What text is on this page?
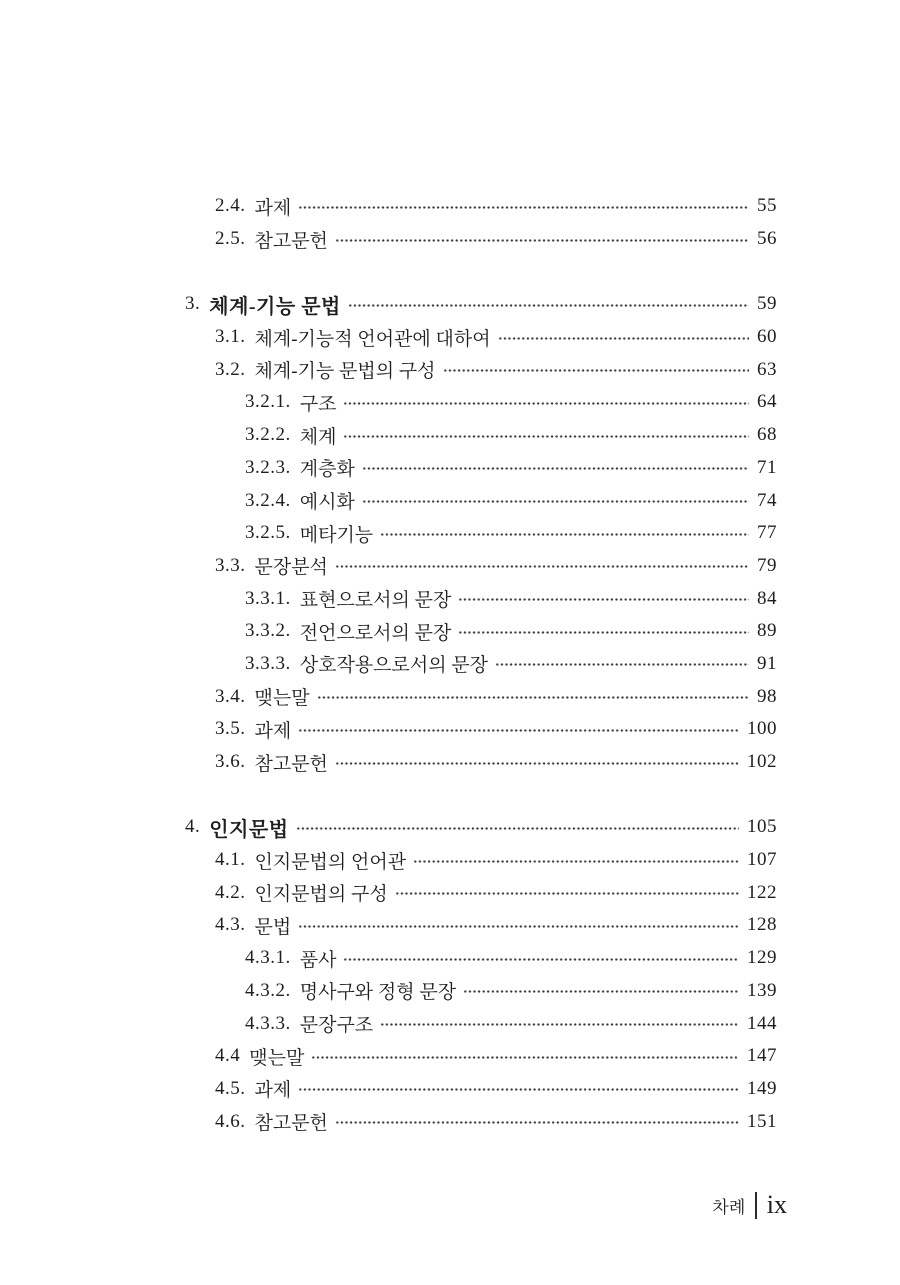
2.4. 과제	55
2.5. 참고문헌	56
3. 체계-기능 문법	59
3.1. 체계-기능적 언어관에 대하여	60
3.2. 체계-기능 문법의 구성	63
3.2.1. 구조	64
3.2.2. 체계	68
3.2.3. 계층화	71
3.2.4. 예시화	74
3.2.5. 메타기능	77
3.3. 문장분석	79
3.3.1. 표현으로서의 문장	84
3.3.2. 전언으로서의 문장	89
3.3.3. 상호작용으로서의 문장	91
3.4. 맺는말	98
3.5. 과제	100
3.6. 참고문헌	102
4. 인지문법	105
4.1. 인지문법의 언어관	107
4.2. 인지문법의 구성	122
4.3. 문법	128
4.3.1. 품사	129
4.3.2. 명사구와 정형 문장	139
4.3.3. 문장구조	144
4.4 맺는말	147
4.5. 과제	149
4.6. 참고문헌	151
차례 ix
